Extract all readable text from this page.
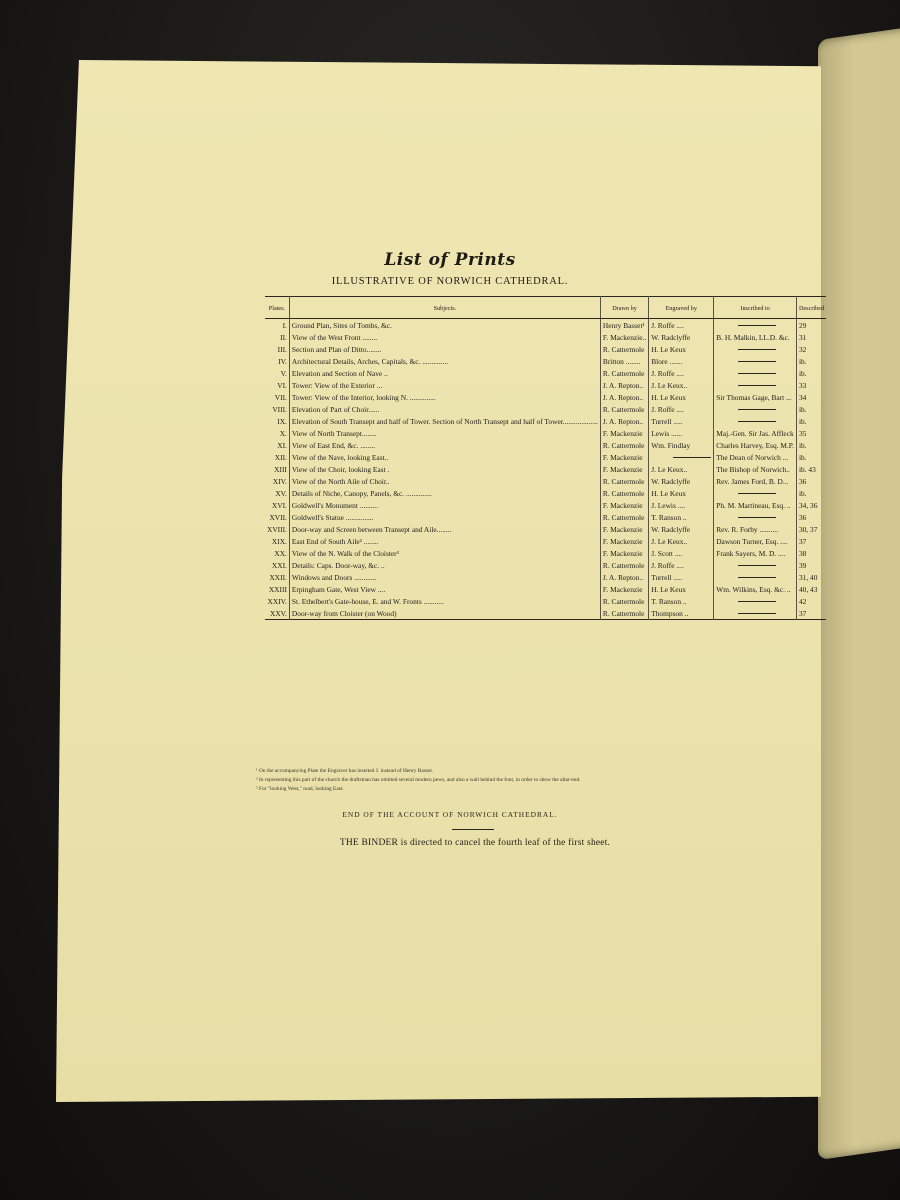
List of Prints
ILLUSTRATIVE OF NORWICH CATHEDRAL.
Plates.	Subjects.	Drawn by	Engraved by	Inscribed to	Described
I.	Ground Plan, Sites of Tombs, &c.	Henry Basset¹	J. Roffe ....		29
II.	View of the West Front ........	F. Mackenzie..	W. Radclyffe	B. H. Malkin, LL.D. &c.	31
III.	Section and Plan of Ditto........	R. Cattermole	H. Le Keux		32
IV.	Architectural Details, Arches, Capitals, &c. ..............	Britton ........	Blore .......		ib.
V.	Elevation and Section of Nave ..	R. Cattermole	J. Roffe ....		ib.
VI.	Tower: View of the Exterior ...	J. A. Repton..	J. Le Keux..		33
VII.	Tower: View of the Interior, looking N. ..............	J. A. Repton..	H. Le Keux	Sir Thomas Gage, Bart ...	34
VIII.	Elevation of Part of Choir......	R. Cattermole	J. Roffe ....		ib.
IX.	Elevation of South Transept and half of Tower. Section of North Transept and half of Tower...................	J. A. Repton..	Turrell .....		ib.
X.	View of North Transept........	F. Mackenzie	Lewis ......	Maj.-Gen. Sir Jas. Affleck	35
XI.	View of East End, &c. ........	R. Cattermole	Wm. Findlay	Charles Harvey, Esq. M.P.	ib.
XII.	View of the Nave, looking East..	F. Mackenzie		The Dean of Norwich ...	ib.
XIII	View of the Choir, looking East .	F. Mackenzie	J. Le Keux..	The Bishop of Norwich..	ib. 43
XIV.	View of the North Aile of Choir..	R. Cattermole	W. Radclyffe	Rev. James Ford, B. D...	36
XV.	Details of Niche, Canopy, Panels, &c. ..............	R. Cattermole	H. Le Keux		ib.
XVI.	Goldwell's Monument ..........	F. Mackenzie	J. Lewis ....	Ph. M. Martineau, Esq. ..	34, 36
XVII.	Goldwell's Statue ...............	R. Cattermole	T. Ranson ..		36
XVIII.	Door-way and Screen between Transept and Aile........	F. Mackenzie	W. Radclyffe	Rev. R. Forby ..........	30, 37
XIX.	East End of South Aile² ........	F. Mackenzie	J. Le Keux..	Dawson Turner, Esq. ....	37
XX.	View of the N. Walk of the Cloister³	F. Mackenzie	J. Scott ....	Frank Sayers, M. D. ....	38
XXI.	Details: Caps. Door-way, &c. ..	R. Cattermole	J. Roffe ....		39
XXII.	Windows and Doors ............	J. A. Repton..	Turrell .....		31, 40
XXIII	Erpingham Gate, West View ....	F. Mackenzie	H. Le Keux	Wm. Wilkins, Esq. &c. ..	40, 43
XXIV.	St. Ethelbert's Gate-house, E. and W. Fronts ...........	R. Cattermole	T. Ranson ..		42
XXV.	Door-way from Cloister (on Wood)	R. Cattermole	Thompson ..		37
¹ On the accompanying Plate the Engraver has inserted J. instead of Henry Basset.
² In representing this part of the church the draftsman has omitted several modern pews, and also a wall behind the font, in order to show the altar-end.
³ For "looking West," read, looking East.
END OF THE ACCOUNT OF NORWICH CATHEDRAL.
THE BINDER is directed to cancel the fourth leaf of the first sheet.
